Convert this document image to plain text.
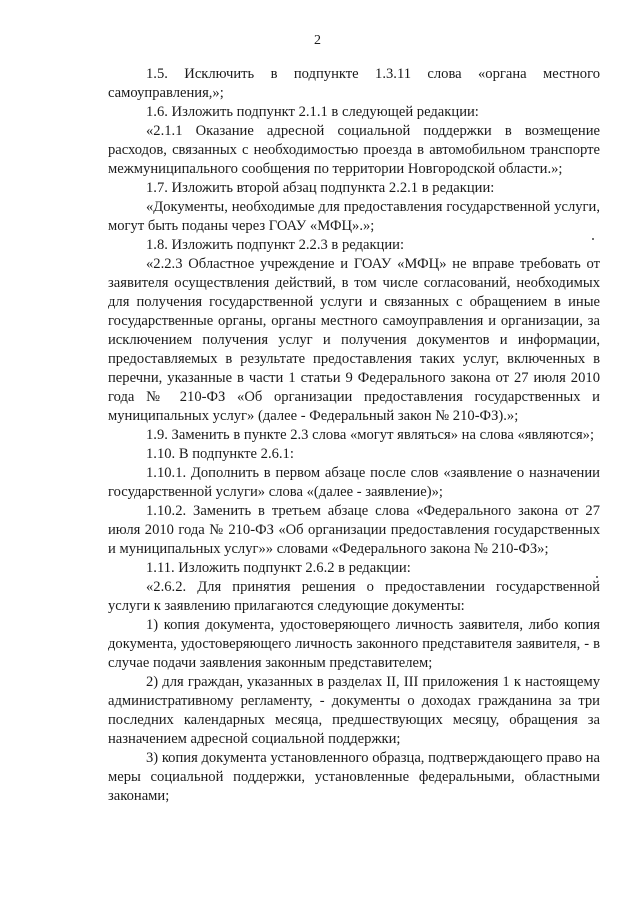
2

1.5. Исключить в подпункте 1.3.11 слова «органа местного самоуправления,»;

1.6. Изложить подпункт 2.1.1 в следующей редакции:

«2.1.1 Оказание адресной социальной поддержки в возмещение расходов, связанных с необходимостью проезда в автомобильном транспорте межмуниципального сообщения по территории Новгородской области.»;

1.7. Изложить второй абзац подпункта 2.2.1 в редакции:

«Документы, необходимые для предоставления государственной услуги, могут быть поданы через ГОАУ «МФЦ».»;

1.8. Изложить подпункт 2.2.3 в редакции:

«2.2.3 Областное учреждение и ГОАУ «МФЦ» не вправе требовать от заявителя осуществления действий, в том числе согласований, необходимых для получения государственной услуги и связанных с обращением в иные государственные органы, органы местного самоуправления и организации, за исключением получения услуг и получения документов и информации, предоставляемых в результате предоставления таких услуг, включенных в перечни, указанные в части 1 статьи 9 Федерального закона от 27 июля 2010 года № 210-ФЗ «Об организации предоставления государственных и муниципальных услуг» (далее - Федеральный закон № 210-ФЗ).»;

1.9. Заменить в пункте 2.3 слова «могут являться» на слова «являются»;

1.10. В подпункте 2.6.1:

1.10.1. Дополнить в первом абзаце после слов «заявление о назначении государственной услуги» слова «(далее - заявление)»;

1.10.2. Заменить в третьем абзаце слова «Федерального закона от 27 июля 2010 года № 210-ФЗ «Об организации предоставления государственных и муниципальных услуг»» словами «Федерального закона № 210-ФЗ»;

1.11. Изложить подпункт 2.6.2 в редакции:

«2.6.2. Для принятия решения о предоставлении государственной услуги к заявлению прилагаются следующие документы:

1) копия документа, удостоверяющего личность заявителя, либо копия документа, удостоверяющего личность законного представителя заявителя, - в случае подачи заявления законным представителем;

2) для граждан, указанных в разделах II, III приложения 1 к настоящему административному регламенту, - документы о доходах гражданина за три последних календарных месяца, предшествующих месяцу, обращения за назначением адресной социальной поддержки;

3) копия документа установленного образца, подтверждающего право на меры социальной поддержки, установленные федеральными, областными законами;
